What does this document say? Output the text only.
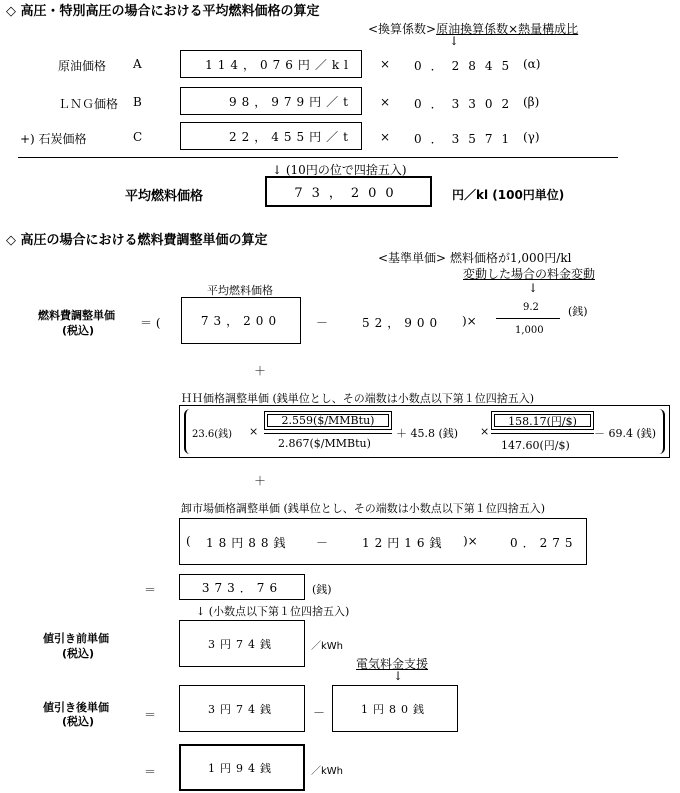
◇ 高圧・特別高圧の場合における平均燃料価格の算定
<換算係数>原油換算係数×熱量構成比
↓
原油価格 A	114，076円／kl × 0．2845 (α)
ＬＮＧ価格 B	98，979円／t × 0．3302 (β)
+) 石炭価格	C	22，455円／t × 0．3571 (γ)
↓ (10円の位で四捨五入)
平均燃料価格	73，200	円／kl (100円単位)
◇ 高圧の場合における燃料費調整単価の算定
<基準単価> 燃料価格が1,000円/kl
変動した場合の料金変動
↓
燃料費調整単価
(税込)
＝ (
平均燃料価格
73，200	－	52，900 )×
9.2
1,000
(銭)
＋
ＨＨ価格調整単価 (銭単位とし、その端数は小数点以下第１位四捨五入)
23.6(銭) ×
2.559($/MMBtu)
2.867($/MMBtu)
＋ 45.8 (銭) ×
158.17(円/$)
147.60(円/$)
－ 69.4 (銭)
＋
卸市場価格調整単価 (銭単位とし、その端数は小数点以下第１位四捨五入)
( 18円88銭 －	12円16銭 )×	0．275
＝	373．76	(銭)
↓ (小数点以下第１位四捨五入)
値引き前単価
(税込)
3円74銭	／kWh
電気料金支援
↓
値引き後単価
(税込)	＝	3円74銭	－	1円80銭
＝	1円94銭	／kWh
